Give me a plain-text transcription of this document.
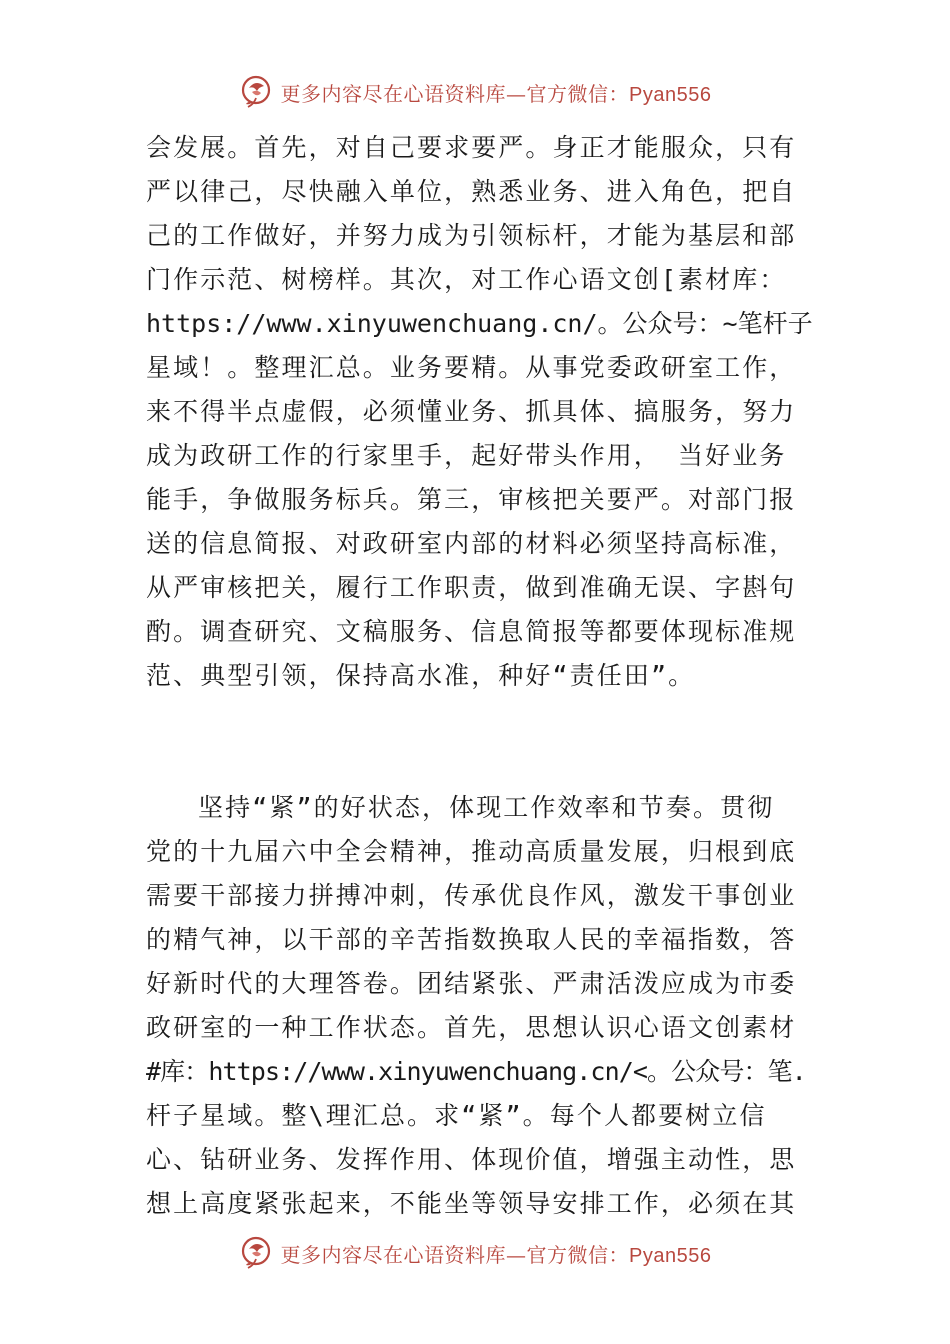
更多内容尽在心语资料库—官方微信：Pyan556
会发展。首先，对自己要求要严。身正才能服众，只有
严以律己，尽快融入单位，熟悉业务、进入角色，把自
己的工作做好，并努力成为引领标杆，才能为基层和部
门作示范、树榜样。其次，对工作心语文创[素材库：
https://www.xinyuwenchuang.cn/。公众号：~笔杆子
星域！。整理汇总。业务要精。从事党委政研室工作，
来不得半点虚假，必须懂业务、抓具体、搞服务，努力
成为政研工作的行家里手，起好带头作用， 当好业务
能手，争做服务标兵。第三，审核把关要严。对部门报
送的信息简报、对政研室内部的材料必须坚持高标准，
从严审核把关，履行工作职责，做到准确无误、字斟句
酌。调查研究、文稿服务、信息简报等都要体现标准规
范、典型引领，保持高水准，种好“责任田”。
坚持“紧”的好状态，体现工作效率和节奏。贯彻
党的十九届六中全会精神，推动高质量发展，归根到底
需要干部接力拼搏冲刺，传承优良作风，激发干事创业
的精气神，以干部的辛苦指数换取人民的幸福指数，答
好新时代的大理答卷。团结紧张、严肃活泼应成为市委
政研室的一种工作状态。首先，思想认识心语文创素材
#库：https://www.xinyuwenchuang.cn/<。公众号：笔.
杆子星域。整\理汇总。求“紧”。每个人都要树立信
心、钻研业务、发挥作用、体现价值，增强主动性，思
想上高度紧张起来，不能坐等领导安排工作，必须在其
更多内容尽在心语资料库—官方微信：Pyan556
